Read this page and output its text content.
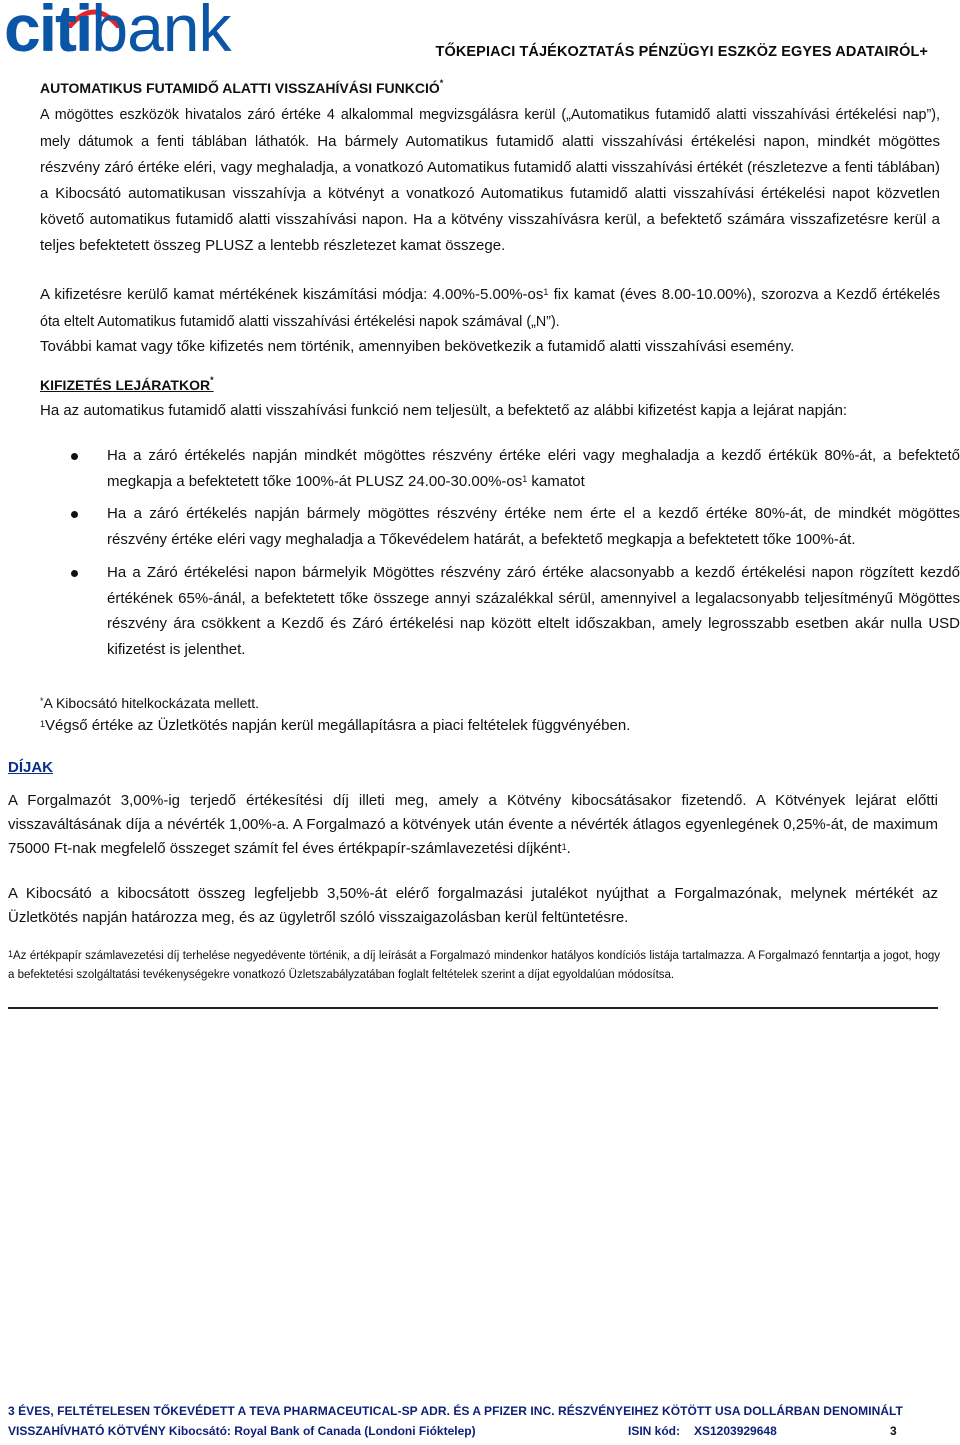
citibank	TŐKEPIACI TÁJÉKOZTATÁS PÉNZÜGYI ESZKÖZ EGYES ADATAIRÓL+
AUTOMATIKUS FUTAMIDŐ ALATTI VISSZAHÍVÁSI FUNKCIÓ*

A mögöttes eszközök hivatalos záró értéke 4 alkalommal megvizsgálásra kerül („Automatikus futamidő alatti visszahívási értékelési nap”), mely dátumok a fenti táblában láthatók. Ha bármely Automatikus futamidő alatti visszahívási értékelési napon, mindkét mögöttes részvény záró értéke eléri, vagy meghaladja, a vonatkozó Automatikus futamidő alatti visszahívási értékét (részletezve a fenti táblában) a Kibocsátó automatikusan visszahívja a kötvényt a vonatkozó Automatikus futamidő alatti visszahívási értékelési napot közvetlen követő automatikus futamidő alatti visszahívási napon. Ha a kötvény visszahívásra kerül, a befektető számára visszafizetésre kerül a teljes befektetett összeg PLUSZ a lentebb részletezet kamat összege.

A kifizetésre kerülő kamat mértékének kiszámítási módja: $4.00\%-5.00\%-os^1$ fix kamat (éves 8.00-10.00%), szorozva a Kezdő értékelés óta eltelt Automatikus futamidő alatti visszahívási értékelési napok számával („N”).

További kamat vagy tőke kifizetés nem történik, amennyiben bekövetkezik a futamidő alatti visszahívási esemény.

KIFIZETÉS LEJÁRATKOR*

Ha az automatikus futamidő alatti visszahívási funkció nem teljesült, a befektető az alábbi kifizetést kapja a lejárat napján:

Ha a záró értékelés napján mindkét mögöttes részvény értéke eléri vagy meghaladja a kezdő értékük 80%-át, a befektető megkapja a befektetett tőke 100%-át PLUSZ $24.00-30.00\%-os^1$ kamatot
Ha a záró értékelés napján bármely mögöttes részvény értéke nem érte el a kezdő értéke 80%-át, de mindkét mögöttes részvény értéke eléri vagy meghaladja a Tőkevédelem határát, a befektető megkapja a befektetett tőke 100%-át.
Ha a Záró értékelési napon bármelyik Mögöttes részvény záró értéke alacsonyabb a kezdő értékelési napon rögzített kezdő értékének 65%-ánál, a befektetett tőke összege annyi százalékkal sérül, amennyivel a legalacsonyabb teljesítményű Mögöttes részvény ára csökkent a Kezdő és Záró értékelési nap között eltelt időszakban, amely legrosszabb esetben akár nulla USD kifizetést is jelenthet.
*A Kibocsátó hitelkockázata mellett.
$^1$Végső értéke az Üzletkötés napján kerül megállapításra a piaci feltételek függvényében.
DÍJAK

A Forgalmazót 3,00%-ig terjedő értékesítési díj illeti meg, amely a Kötvény kibocsátásakor fizetendő. A Kötvények lejárat előtti visszaváltásának díja a névérték 1,00%-a. A Forgalmazó a kötvények után évente a névérték átlagos egyenlegének 0,25%-át, de maximum 75000 Ft-nak megfelelő összeget számít fel éves értékpapír-számlavezetési díjként$^1$.

A Kibocsátó a kibocsátott összeg legfeljebb 3,50%-át elérő forgalmazási jutalékot nyújthat a Forgalmazónak, melynek mértékét az Üzletkötés napján határozza meg, és az ügyletről szóló visszaigazolásban kerül feltüntetésre.

$^1$Az értékpapír számlavezetési díj terhelése negyedévente történik, a díj leírását a Forgalmazó mindenkor hatályos kondíciós listája tartalmazza. A Forgalmazó fenntartja a jogot, hogy a befektetési szolgáltatási tevékenységekre vonatkozó Üzletszabályzatában foglalt feltételek szerint a díjat egyoldalúan módosítsa.

3 ÉVES, FELTÉTELESEN TŐKEVÉDETT A TEVA PHARMACEUTICAL-SP ADR. ÉS A PFIZER INC. RÉSZVÉNYEIHEZ KÖTÖTT USA DOLLÁRBAN DENOMINÁLT
VISSZAHÍVHATÓ KÖTVÉNY Kibocsátó: Royal Bank of Canada (Londoni Fióktelep)	ISIN kód: XS1203929648	3
